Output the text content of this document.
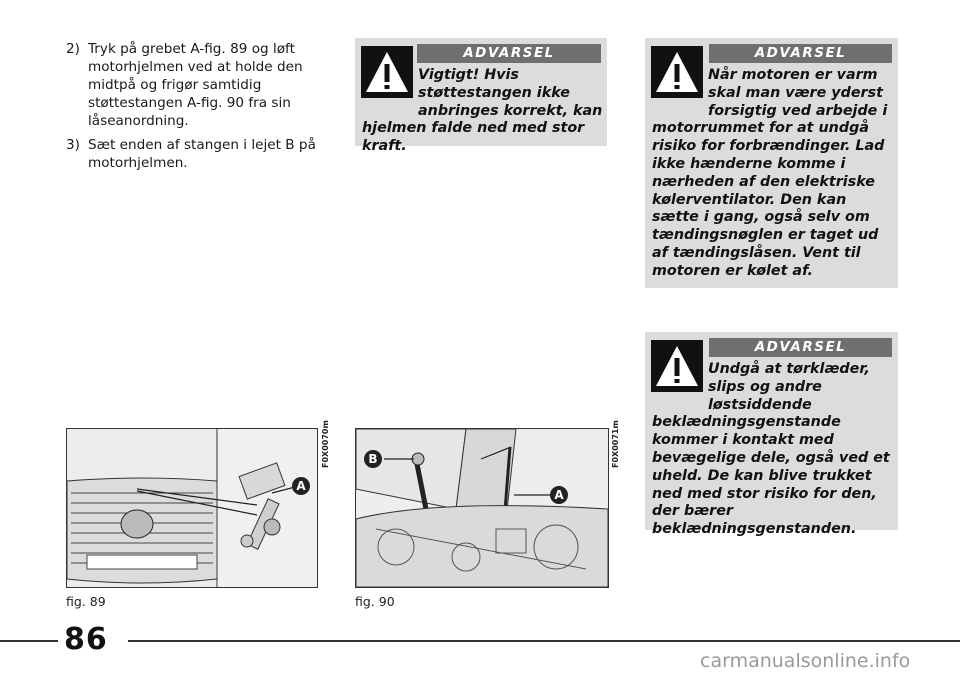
2) Tryk på grebet A-fig. 89 og løft motorhjelmen ved at holde den midtpå og frigør samtidig støttestangen A-fig. 90 fra sin låseanordning.
3) Sæt enden af stangen i lejet B på motorhjelmen.
ADVARSEL
Vigtigt! Hvis støttestangen ikke anbringes korrekt, kan hjelmen falde ned med stor kraft.
ADVARSEL
Når motoren er varm skal man være yderst forsigtig ved arbejde i motorrummet for at undgå risiko for forbrændinger. Lad ikke hænderne komme i nærheden af den elektriske kølerventilator. Den kan sætte i gang, også selv om tændingsnøglen er taget ud af tændingslåsen. Vent til motoren er kølet af.
ADVARSEL
Undgå at tørklæder, slips og andre løstsiddende beklædningsgenstande kommer i kontakt med bevægelige dele, også ved et uheld. De kan blive trukket ned med stor risiko for den, der bærer beklædningsgenstanden.
A
F0X0070m
fig. 89
B
A
F0X0071m
fig. 90
86
carmanualsonline.info
